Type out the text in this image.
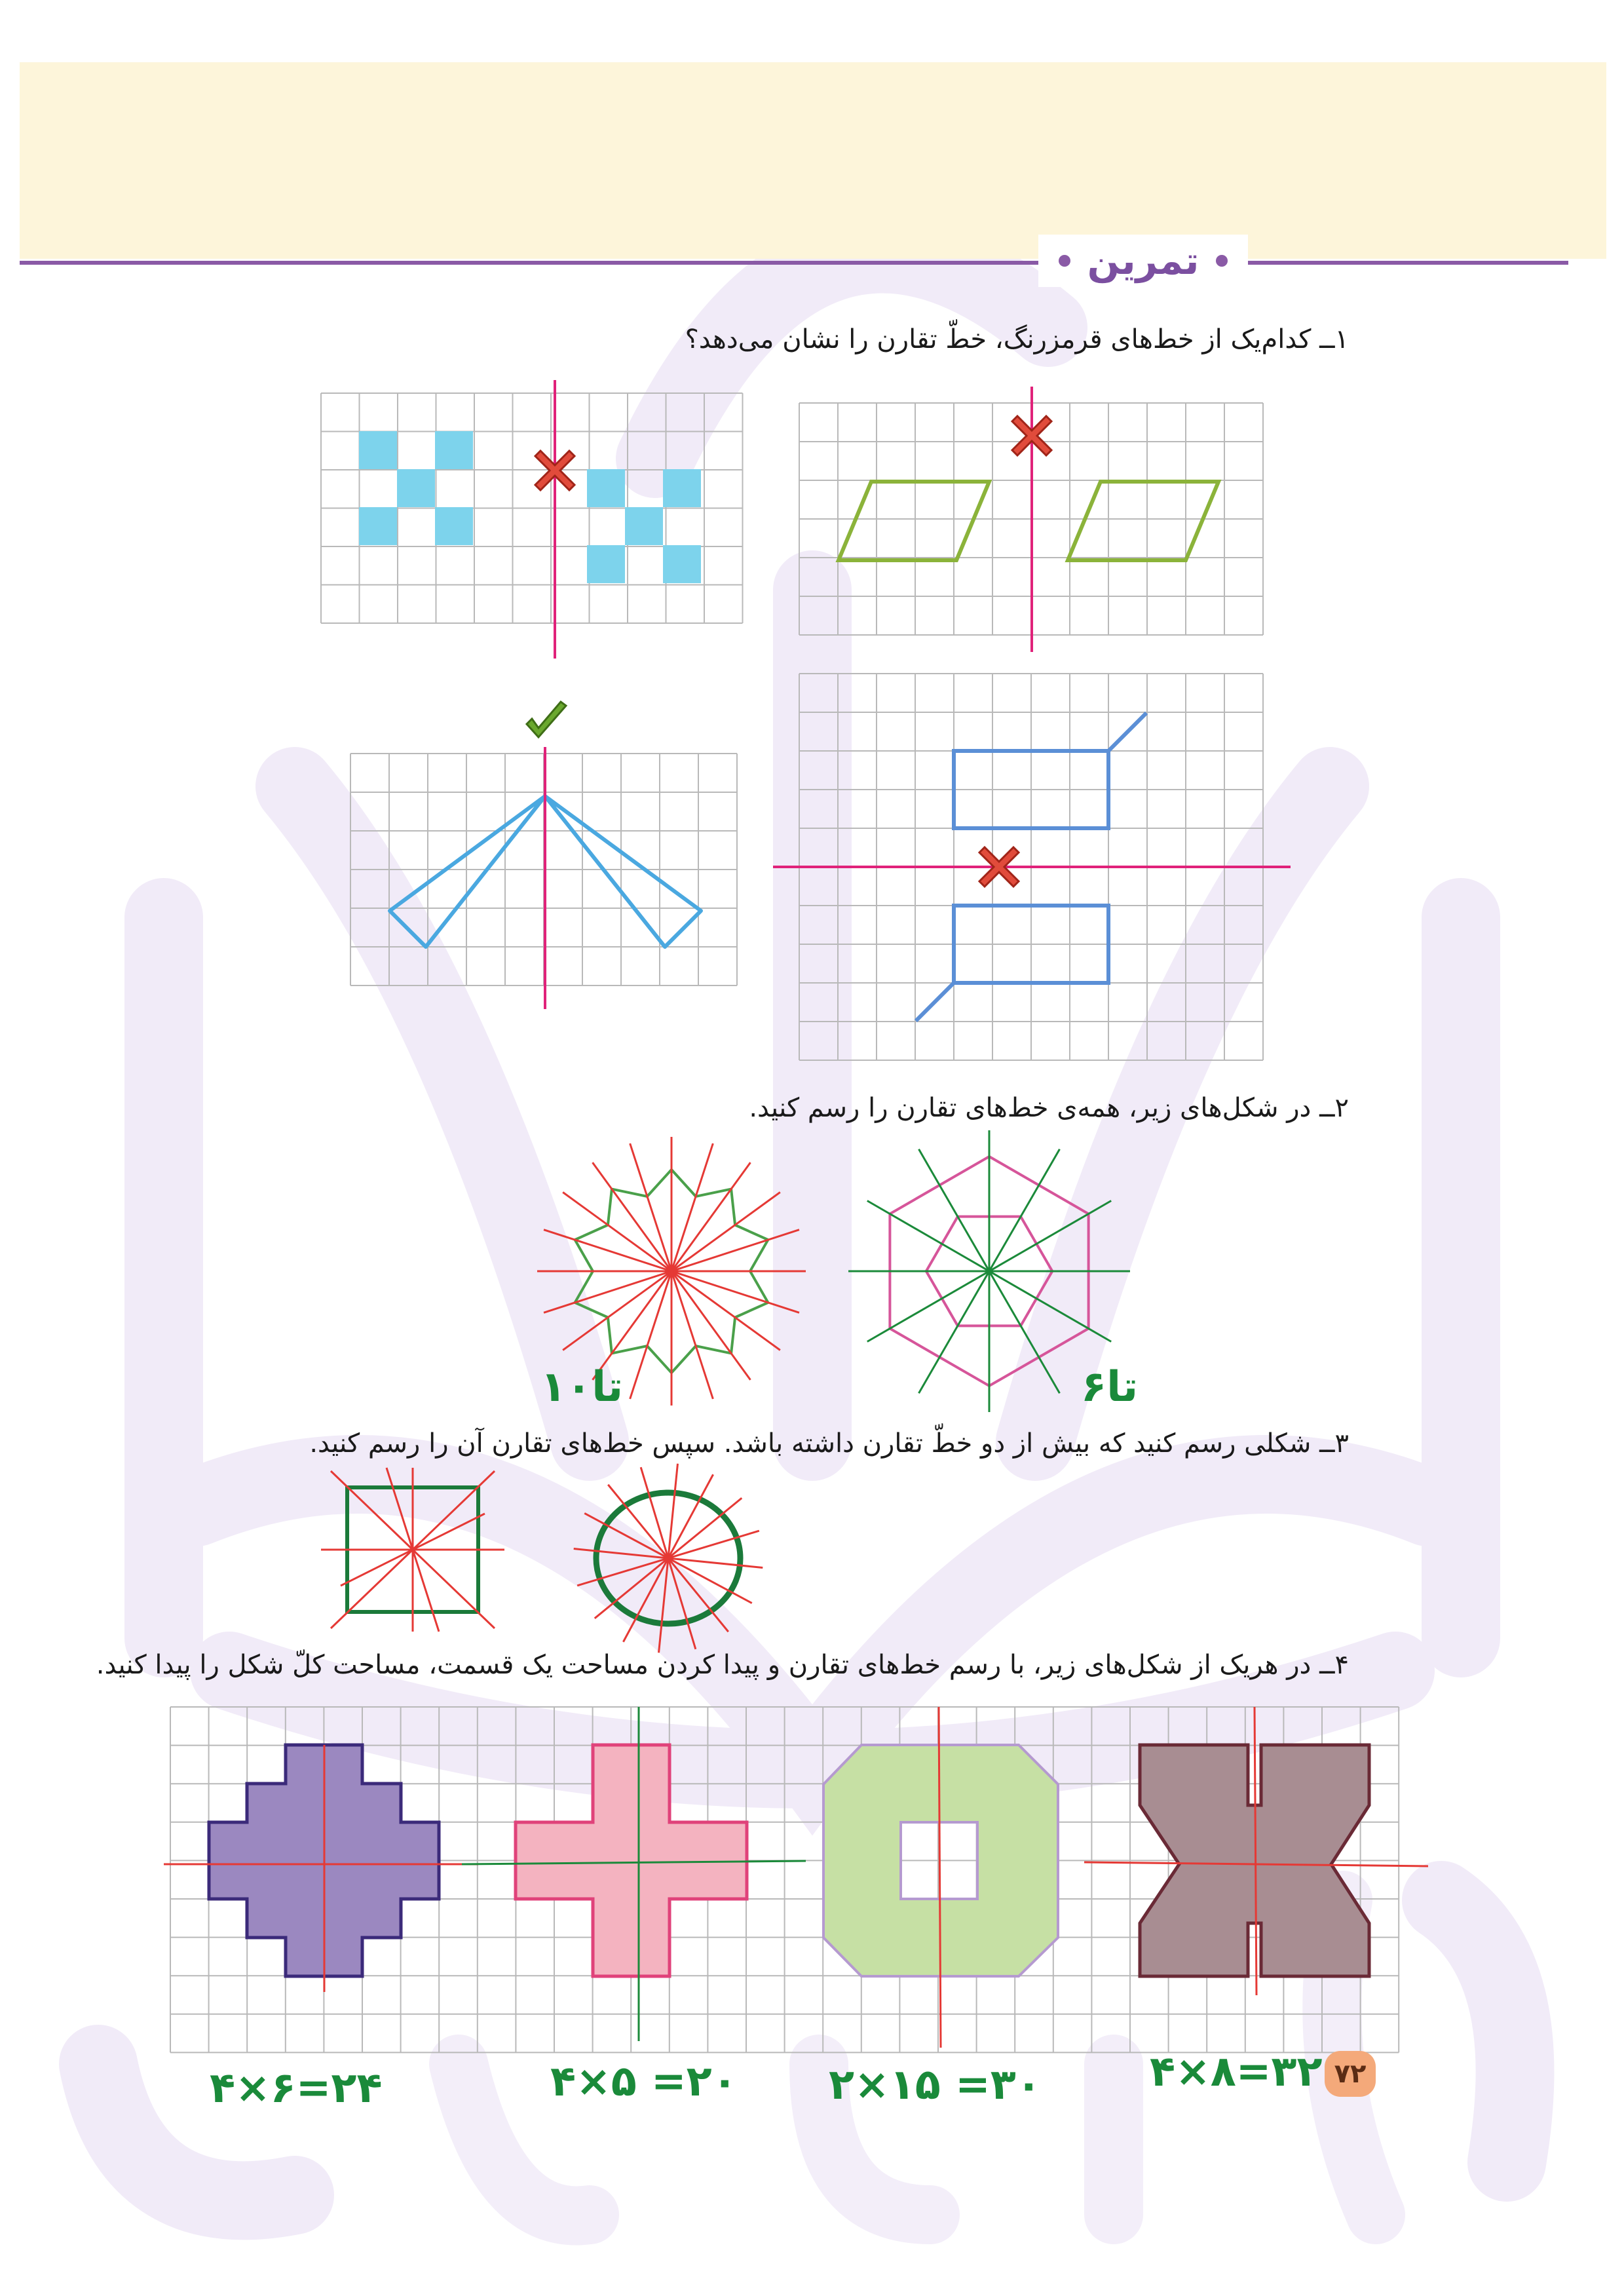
تمرین
۱ــ کدام‌یک از خط‌های قرمزرنگ، خطّ تقارن را نشان می‌دهد؟
۲ــ در شکل‌های زیر، همه‌ی خط‌های تقارن را رسم کنید.
۳ــ شکلی رسم کنید که بیش از دو خطّ تقارن داشته باشد. سپس خط‌های تقارن آن را رسم کنید.
۴ــ در هریک از شکل‌های زیر، با رسم خط‌های تقارن و پیدا کردن مساحت یک قسمت، مساحت کلّ شکل را پیدا کنید.
۱۰تا	۶تا
۴×۶=۲۴	۴×۵ =۲۰ ۲×۱۵ =۳۰	۴×۸=۳۲ ۷۲
